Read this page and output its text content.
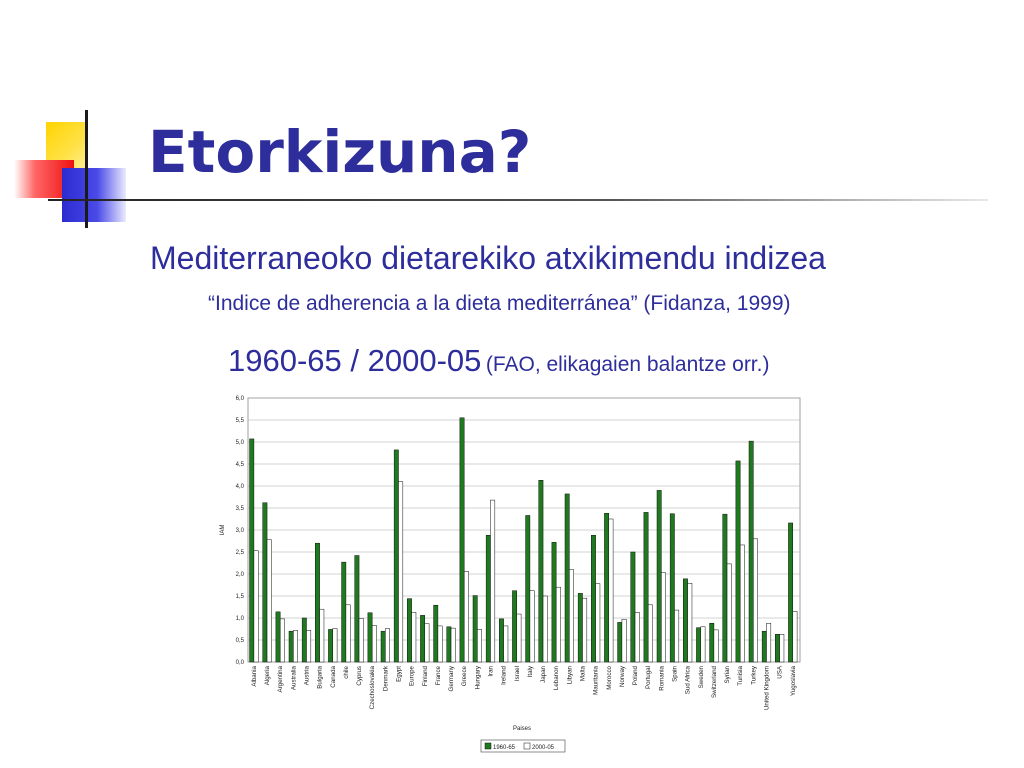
Etorkizuna?
Mediterraneoko dietarekiko atxikimendu indizea
“Indice de adherencia a la dieta mediterránea” (Fidanza, 1999)
1960-65 / 2000-05 (FAO, elikagaien balantze orr.)
0,0
0,5
1,0
1,5
2,0
2,5
3,0
3,5
4,0
4,5
5,0
5,5
6,0
Albania Algeria Argentina Australia Austria Bulgaria Canada chile Cyprus Czechoslovakia Denmark Egypt Europe Finland France Germany Greece Hungary Iran Ireland Israel Italy Japan Lebanon Libyan Malta Mauritania Morocco Norway Poland Portugal Romania Spain Sud Africa Sweden Switzerland Syrian Tunisia Turkey United Kingdom USA Yugoslavia
IAM
Paises
1960-65	2000-05
